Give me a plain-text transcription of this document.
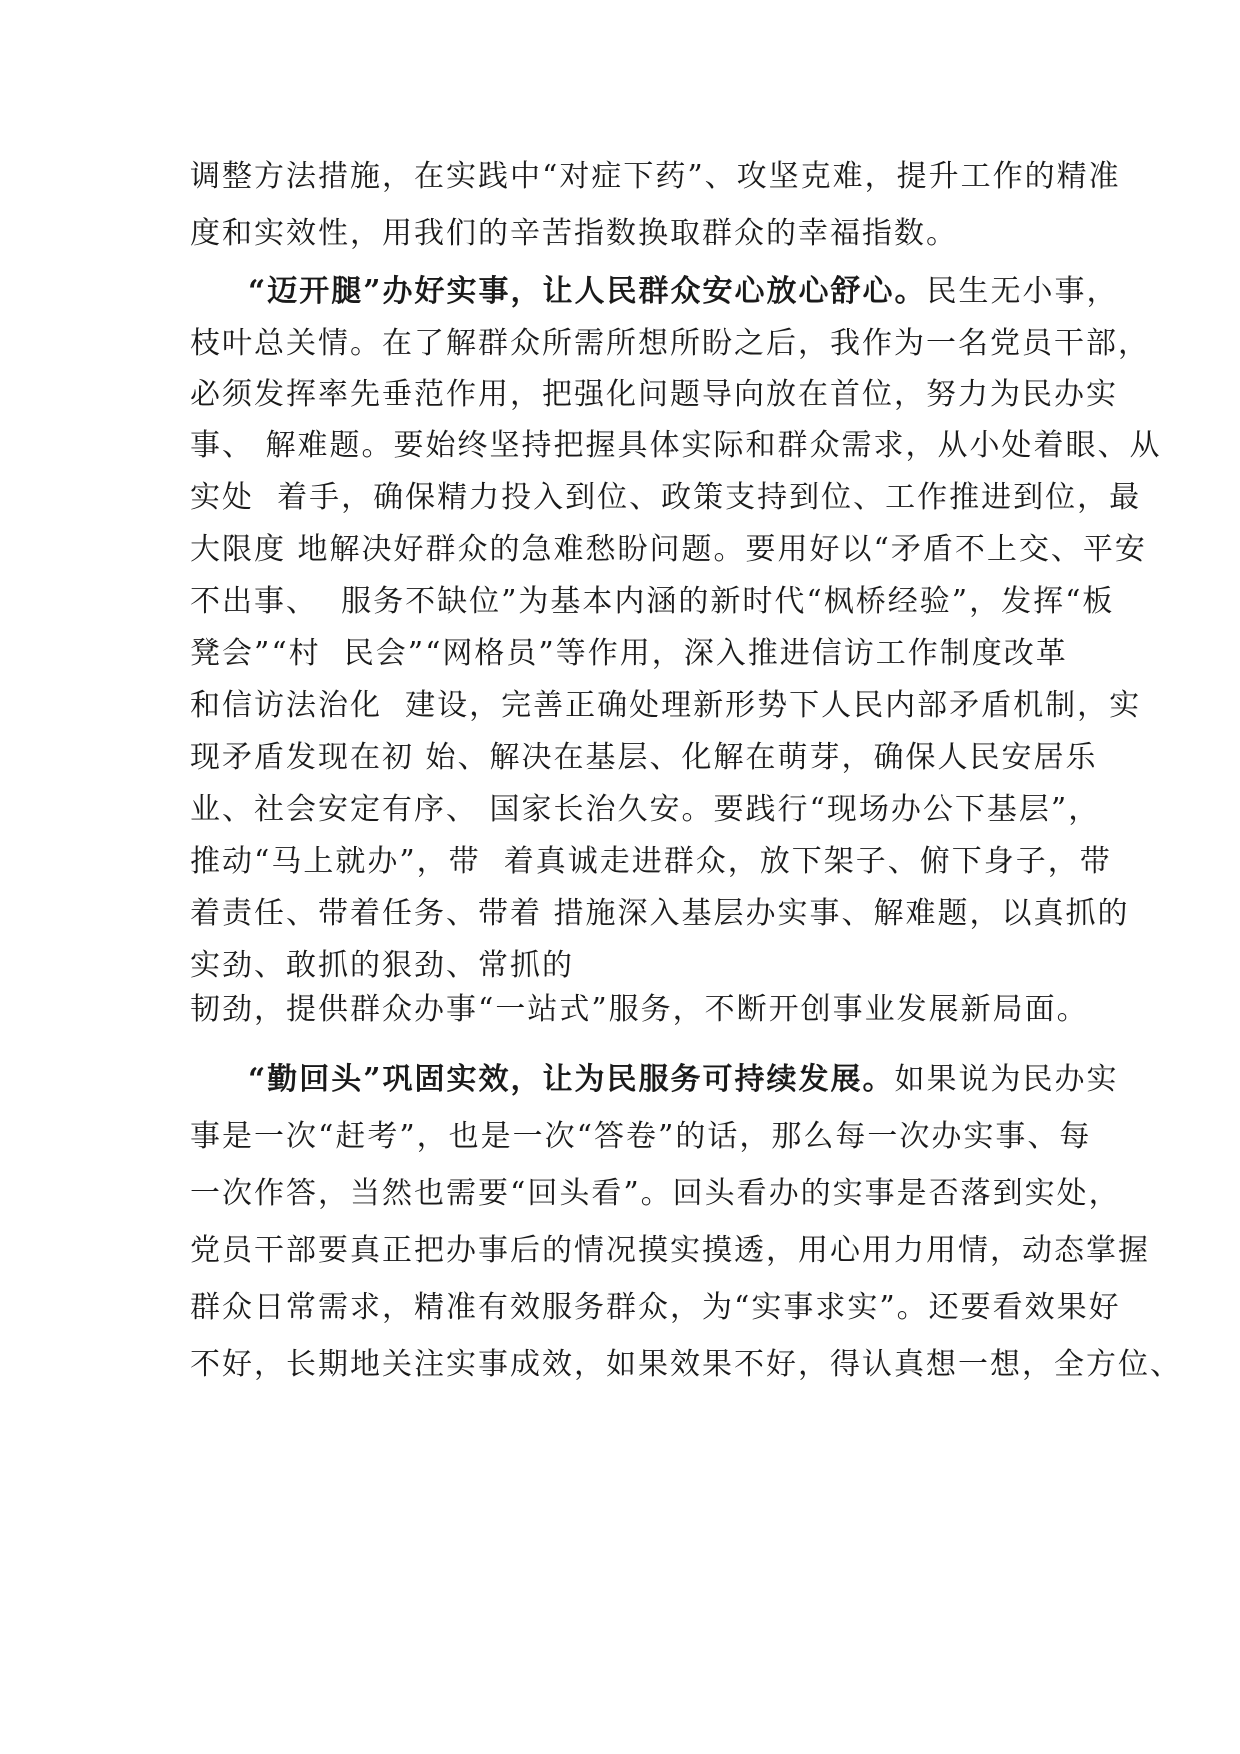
调整方法措施，在实践中“对症下药”、攻坚克难，提升工作的精准
度和实效性，用我们的辛苦指数换取群众的幸福指数。
“迈开腿”办好实事，让人民群众安心放心舒心。民生无小事，
枝叶总关情。在了解群众所需所想所盼之后，我作为一名党员干部，
必须发挥率先垂范作用，把强化问题导向放在首位，努力为民办实
事、 解难题。要始终坚持把握具体实际和群众需求，从小处着眼、从
实处  着手，确保精力投入到位、政策支持到位、工作推进到位，最
大限度 地解决好群众的急难愁盼问题。要用好以“矛盾不上交、平安
不出事、  服务不缺位”为基本内涵的新时代“枫桥经验”，发挥“板
凳会”“村  民会”“网格员”等作用，深入推进信访工作制度改革
和信访法治化  建设，完善正确处理新形势下人民内部矛盾机制，实
现矛盾发现在初 始、解决在基层、化解在萌芽，确保人民安居乐
业、社会安定有序、 国家长治久安。要践行“现场办公下基层”，
推动“马上就办”，带  着真诚走进群众，放下架子、俯下身子，带
着责任、带着任务、带着 措施深入基层办实事、解难题，以真抓的
实劲、敢抓的狠劲、常抓的
韧劲，提供群众办事“一站式”服务，不断开创事业发展新局面。
“勤回头”巩固实效，让为民服务可持续发展。如果说为民办实
事是一次“赶考”，也是一次“答卷”的话，那么每一次办实事、每
一次作答，当然也需要“回头看”。回头看办的实事是否落到实处，
党员干部要真正把办事后的情况摸实摸透，用心用力用情，动态掌握
群众日常需求，精准有效服务群众，为“实事求实”。还要看效果好
不好，长期地关注实事成效，如果效果不好，得认真想一想，全方位、
